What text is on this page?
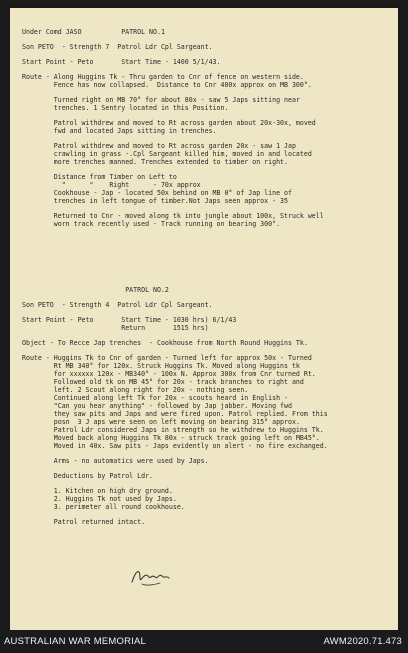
Under Comd JASO          PATROL NO.1
Son PETO  - Strength 7  Patrol Ldr Cpl Sargeant.
Start Point - Peto       Start Time - 1400 5/1/43.
Route - Along Huggins Tk - Thru garden to Cnr of fence on western side.
Fence has now collapsed.  Distance to Cnr 400x approx on MB 300°.
Turned right on MB 70° for about 80x - saw 5 Japs sitting near
trenches. 1 Sentry located in this Position.
Patrol withdrew and moved to Rt across garden about 20x-30x, moved
fwd and located Japs sitting in trenches.
Patrol withdrew and moved to Rt across garden 20x - saw 1 Jap
crawling in grass -.Cpl Sargeant killed him, moved in and located
more trenches manned. Trenches extended to timber on right.
Distance from Timber on Left to
"      "    Right      - 70x approx
Cookhouse - Jap - located 50x behind on MB 0° of Jap line of
trenches in left tongue of timber.Not Japs seen approx - 35
Returned to Cnr - moved along tk into jungle about 100x, Struck well
worn track recently used - Track running on bearing 300°.
PATROL NO.2
Son PETO  - Strength 4  Patrol Ldr Cpl Sargeant.
Start Point - Peto       Start Time - 1030 hrs) 6/1/43
Return       1515 hrs)
Object - To Recce Jap trenches  - Cookhouse from North Round Huggins Tk.
Route - Huggins Tk to Cnr of garden - Turned left for approx 50x - Turned
Rt MB 340° for 120x. Struck Huggins Tk. Moved along Huggins tk
for xxxxxx 120x - MB340° - 100x N. Approx 300x from Cnr turned Rt.
Followed old tk on MB 45° for 20x - track branches to right and
left. 2 Scout along right for 20x - nothing seen.
Continued along left Tk for 20x - scouts heard in English -
"Can you hear anything" - followed by Jap jabber. Moving fwd
they saw pits and Japs and were fired upon. Patrol replied. From this
posn  3 J aps were seen on left moving on bearing 315° approx.
Patrol Ldr considered Japs in strength so he withdrew to Huggins Tk.
Moved back along Huggins Tk 80x - struck track going left on MB45°.
Moved in 40x. Saw pits - Japs evidently on alert - no fire exchanged.
Arms - no automatics were used by Japs.
Deductions by Patrol Ldr.
1. Kitchen on high dry ground.
2. Huggins Tk not used by Japs.
3. perimeter all round cookhouse.
Patrol returned intact.
AUSTRALIAN WAR MEMORIAL	AWM2020.71.473
